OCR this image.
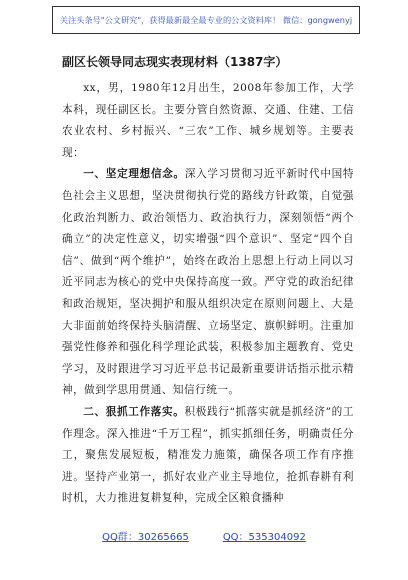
关注头条号"公文研究"，获得最新最全最专业的公文资料库！ 微信：gongwenyj
副区长领导同志现实表现材料（1387字）

xx，男，1980年12月出生，2008年参加工作，大学本科，现任副区长。主要分管自然资源、交通、住建、工信农业农村、乡村振兴、“三农”工作、城乡规划等。主要表现：

一、坚定理想信念。深入学习贯彻习近平新时代中国特色社会主义思想，坚决贯彻执行党的路线方针政策，自觉强化政治判断力、政治领悟力、政治执行力，深刻领悟“两个确立”的决定性意义，切实增强“四个意识”、坚定“四个自信”、做到“两个维护”，始终在政治上思想上行动上同以习近平同志为核心的党中央保持高度一致。严守党的政治纪律和政治规矩，坚决拥护和服从组织决定在原则问题上、大是大非面前始终保持头脑清醒、立场坚定、旗帜鲜明。注重加强党性修养和强化科学理论武装，积极参加主题教育、党史学习，及时跟进学习习近平总书记最新重要讲话指示批示精神，做到学思用贯通、知信行统一。

二、狠抓工作落实。积极践行“抓落实就是抓经济”的工作理念。深入推进“千万工程”，抓实抓细任务，明确责任分工，聚焦发展短板，精准发力施策，确保各项工作有序推进。坚持产业第一，抓好农业产业主导地位，抢抓春耕有利时机，大力推进复耕复种，完成全区粮食播种

QQ群：30265665	QQ：535304092
